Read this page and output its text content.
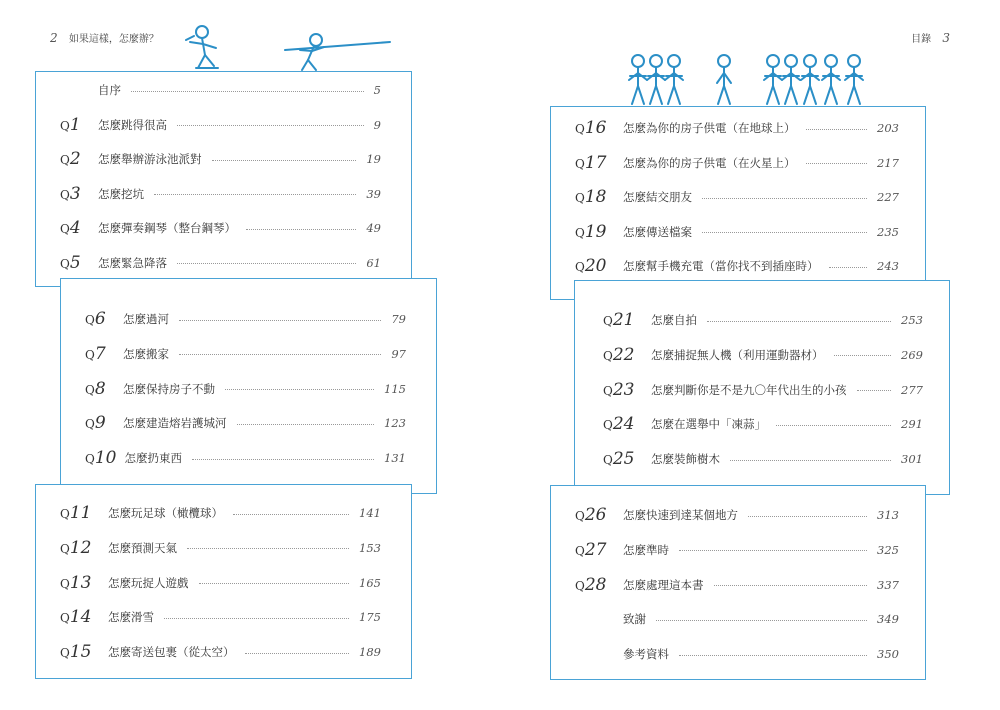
2 如果這樣，怎麼辦？
自序	5
Q1	怎麼跳得很高	9
Q2	怎麼舉辦游泳池派對	19
Q3	怎麼挖坑	39
Q4	怎麼彈奏鋼琴（整台鋼琴）	49
Q5	怎麼緊急降落	61
Q6	怎麼過河	79
Q7	怎麼搬家	97
Q8	怎麼保持房子不動	115
Q9	怎麼建造熔岩護城河	123
Q10 怎麼扔東西	131
Q11	怎麼玩足球（橄欖球）	141
Q12	怎麼預測天氣	153
Q13	怎麼玩捉人遊戲	165
Q14	怎麼滑雪	175
Q15	怎麼寄送包裹（從太空）	189
目錄 3
Q16	怎麼為你的房子供電（在地球上）	203
Q17	怎麼為你的房子供電（在火星上）	217
Q18	怎麼結交朋友	227
Q19	怎麼傳送檔案	235
Q20	怎麼幫手機充電（當你找不到插座時）	243
Q21	怎麼自拍	253
Q22	怎麼捕捉無人機（利用運動器材）	269
Q23	怎麼判斷你是不是九〇年代出生的小孩	277
Q24	怎麼在選舉中「凍蒜」	291
Q25	怎麼裝飾樹木	301
Q26	怎麼快速到達某個地方	313
Q27	怎麼準時	325
Q28	怎麼處理這本書	337
致謝	349
參考資料	350
